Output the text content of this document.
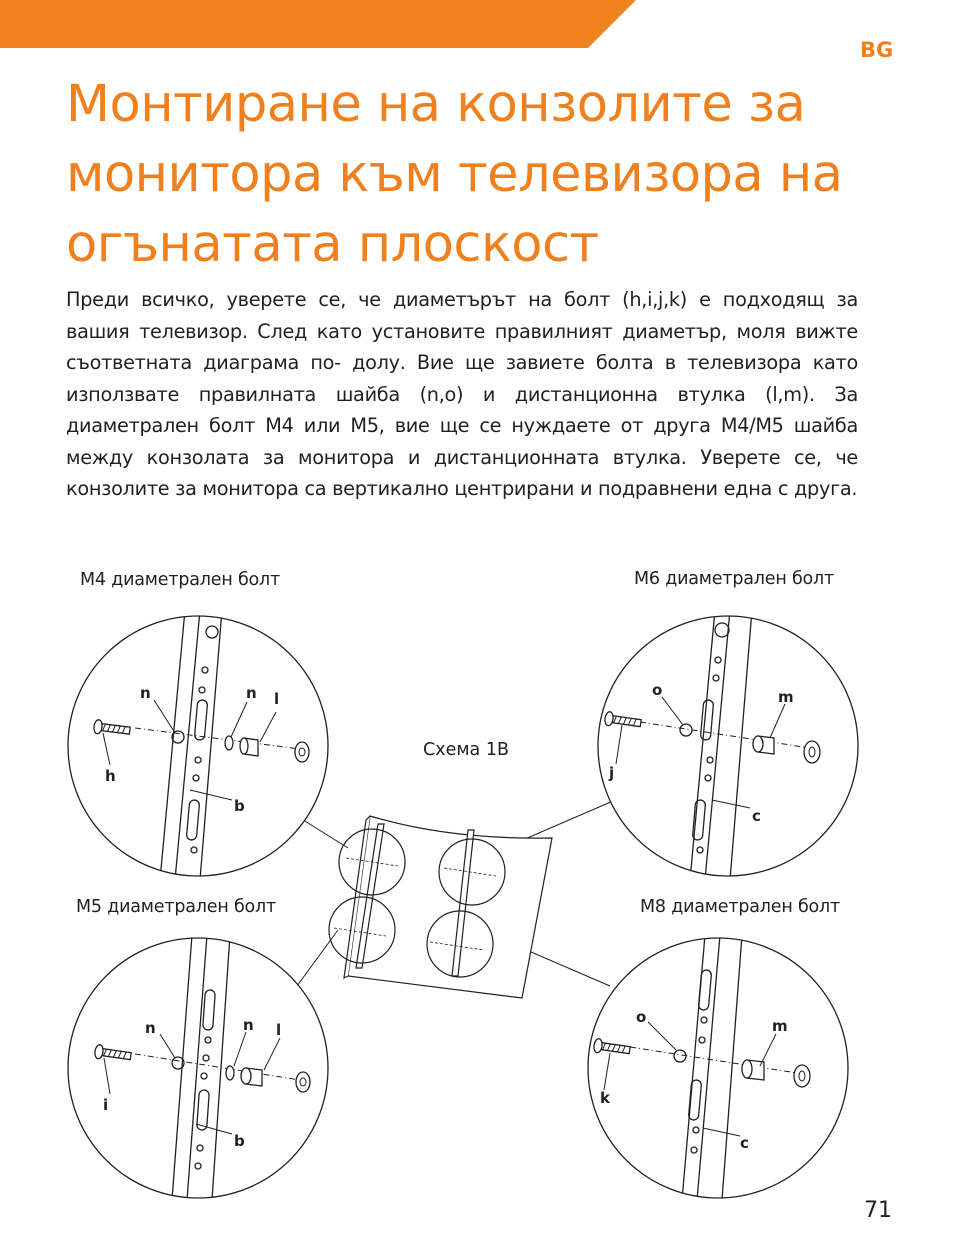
BG
Монтиране на конзолите за монитора към телевизора на огънатата плоскост

Преди всичко, уверете се, че диаметърът на болт (h,i,j,k) е подходящ за вашия телевизор. След като установите правилният диаметър, моля вижте съответната диаграма по- долу. Вие ще завиете болта в телевизора като използвате правилната шайба (n,o) и дистанционна втулка (l,m). За диаметрален болт M4 или M5, вие ще се нуждаете от друга M4/M5 шайба между конзолата за монитора и дистанционната втулка. Уверете се, че конзолите за монитора са вертикално центрирани и подравнени една с друга.

M4 диаметрален болт	M6 диаметрален болт
M5 диаметрален болт	M8 диаметрален болт
Схема 1B
n	n l
h
b
o	m
j
c
n	n l
i
b
o	m
k
c
71
